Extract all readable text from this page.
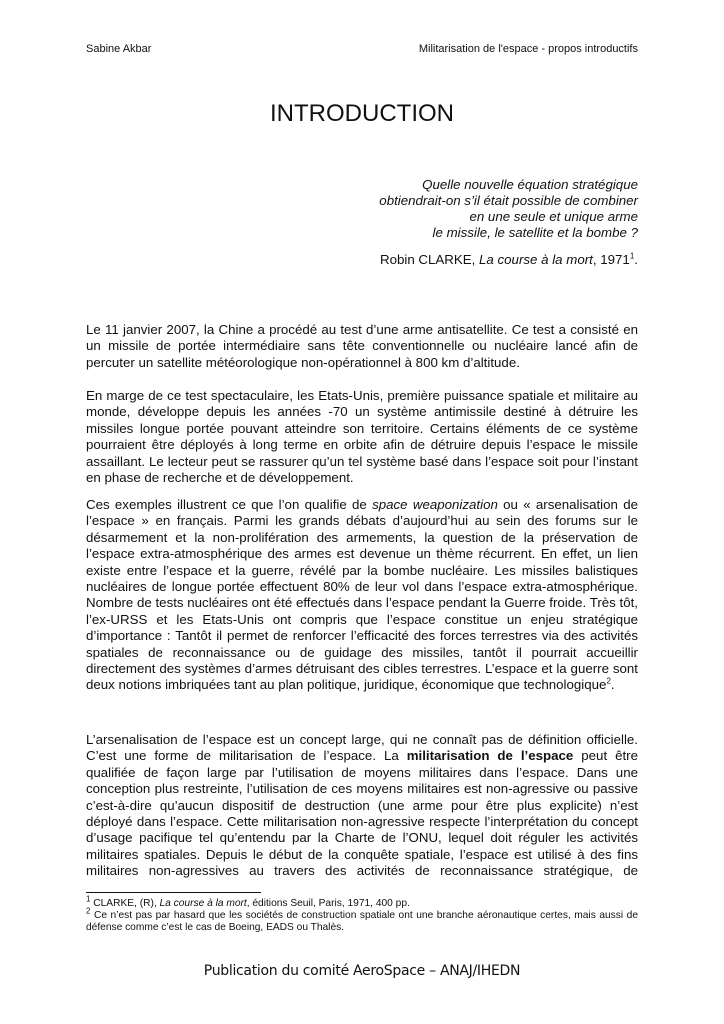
Sabine Akbar	Militarisation de l'espace - propos introductifs
INTRODUCTION
Quelle nouvelle équation stratégique
obtiendrait-on s’il était possible de combiner
en une seule et unique arme
le missile, le satellite et la bombe ?
Robin CLARKE, La course à la mort, 1971$^1$.

Le 11 janvier 2007, la Chine a procédé au test d’une arme antisatellite. Ce test a consisté en un missile de portée intermédiaire sans tête conventionnelle ou nucléaire lancé afin de percuter un satellite météorologique non-opérationnel à 800 km d’altitude.

En marge de ce test spectaculaire, les Etats-Unis, première puissance spatiale et militaire au monde, développe depuis les années -70 un système antimissile destiné à détruire les missiles longue portée pouvant atteindre son territoire. Certains éléments de ce système pourraient être déployés à long terme en orbite afin de détruire depuis l’espace le missile assaillant. Le lecteur peut se rassurer qu’un tel système basé dans l’espace soit pour l’instant en phase de recherche et de développement.

Ces exemples illustrent ce que l’on qualifie de space weaponization ou « arsenalisation de l’espace » en français. Parmi les grands débats d’aujourd’hui au sein des forums sur le désarmement et la non-prolifération des armements, la question de la préservation de l’espace extra-atmosphérique des armes est devenue un thème récurrent. En effet, un lien existe entre l’espace et la guerre, révélé par la bombe nucléaire. Les missiles balistiques nucléaires de longue portée effectuent 80% de leur vol dans l’espace extra-atmosphérique. Nombre de tests nucléaires ont été effectués dans l’espace pendant la Guerre froide. Très tôt, l’ex-URSS et les Etats-Unis ont compris que l’espace constitue un enjeu stratégique d’importance : Tantôt il permet de renforcer l’efficacité des forces terrestres via des activités spatiales de reconnaissance ou de guidage des missiles, tantôt il pourrait accueillir directement des systèmes d’armes détruisant des cibles terrestres. L’espace et la guerre sont deux notions imbriquées tant au plan politique, juridique, économique que technologique$^2$.

L’arsenalisation de l’espace est un concept large, qui ne connaît pas de définition officielle. C’est une forme de militarisation de l’espace. La militarisation de l’espace peut être qualifiée de façon large par l’utilisation de moyens militaires dans l’espace. Dans une conception plus restreinte, l’utilisation de ces moyens militaires est non-agressive ou passive c’est-à-dire qu’aucun dispositif de destruction (une arme pour être plus explicite) n’est déployé dans l’espace. Cette militarisation non-agressive respecte l’interprétation du concept d’usage pacifique tel qu’entendu par la Charte de l’ONU, lequel doit réguler les activités militaires spatiales. Depuis le début de la conquête spatiale, l’espace est utilisé à des fins militaires non-agressives au travers des activités de reconnaissance stratégique, de

$^1$ CLARKE, (R), La course à la mort, éditions Seuil, Paris, 1971, 400 pp.
$^2$ Ce n’est pas par hasard que les sociétés de construction spatiale ont une branche aéronautique certes, mais aussi de défense comme c’est le cas de Boeing, EADS ou Thalès.
Publication du comité AeroSpace – ANAJ/IHEDN
